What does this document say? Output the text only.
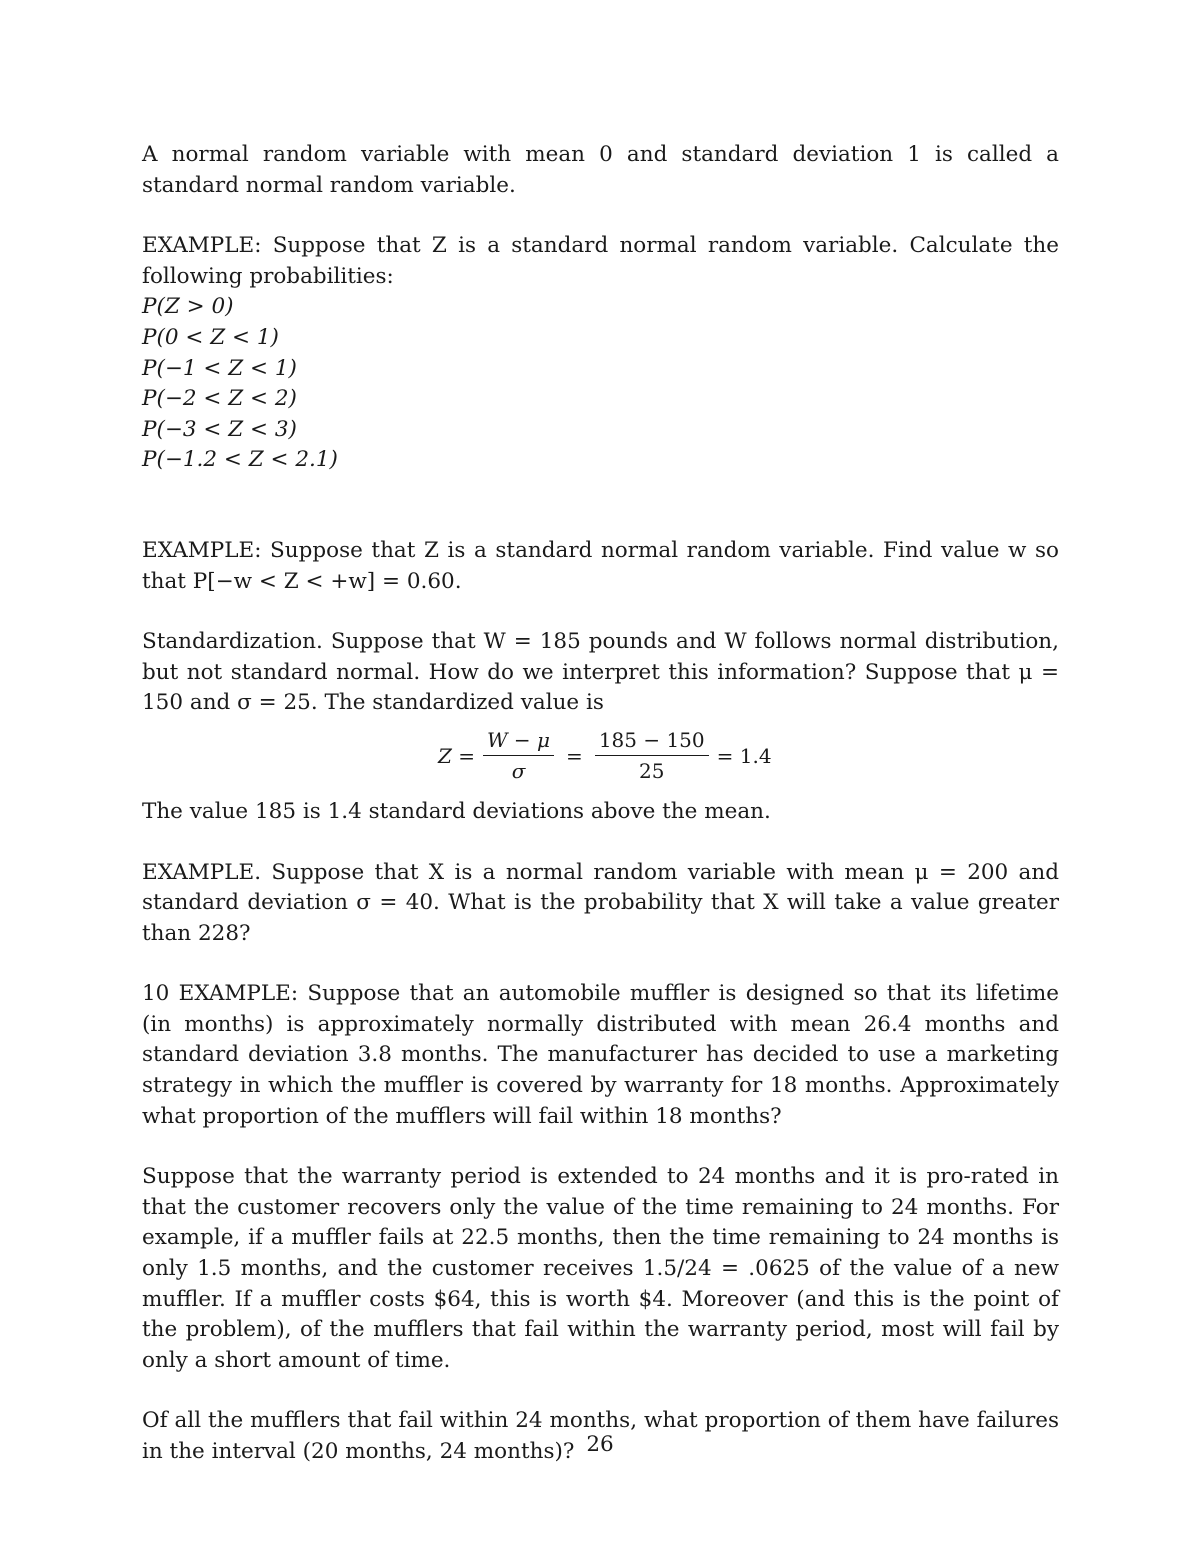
A normal random variable with mean 0 and standard deviation 1 is called a standard normal random variable.

EXAMPLE: Suppose that Z is a standard normal random variable. Calculate the following probabilities:

P(Z > 0)
P(0 < Z < 1)
P(−1 < Z < 1)
P(−2 < Z < 2)
P(−3 < Z < 3)
P(−1.2 < Z < 2.1)

EXAMPLE: Suppose that Z is a standard normal random variable. Find value w so that P[−w < Z < +w] = 0.60.

Standardization. Suppose that W = 185 pounds and W follows normal distribution, but not standard normal. How do we interpret this information? Suppose that μ = 150 and σ = 25. The standardized value is

$Z = \frac{W - \mu}{\sigma} = \frac{185 - 150}{25} = 1.4$

The value 185 is 1.4 standard deviations above the mean.

EXAMPLE. Suppose that X is a normal random variable with mean μ = 200 and standard deviation σ = 40. What is the probability that X will take a value greater than 228?

10 EXAMPLE: Suppose that an automobile muffler is designed so that its lifetime (in months) is approximately normally distributed with mean 26.4 months and standard deviation 3.8 months. The manufacturer has decided to use a marketing strategy in which the muffler is covered by warranty for 18 months. Approximately what proportion of the mufflers will fail within 18 months?

Suppose that the warranty period is extended to 24 months and it is pro-rated in that the customer recovers only the value of the time remaining to 24 months. For example, if a muffler fails at 22.5 months, then the time remaining to 24 months is only 1.5 months, and the customer receives 1.5/24 = .0625 of the value of a new muffler. If a muffler costs $64, this is worth $4. Moreover (and this is the point of the problem), of the mufflers that fail within the warranty period, most will fail by only a short amount of time.

Of all the mufflers that fail within 24 months, what proportion of them have failures in the interval (20 months, 24 months)? 26
